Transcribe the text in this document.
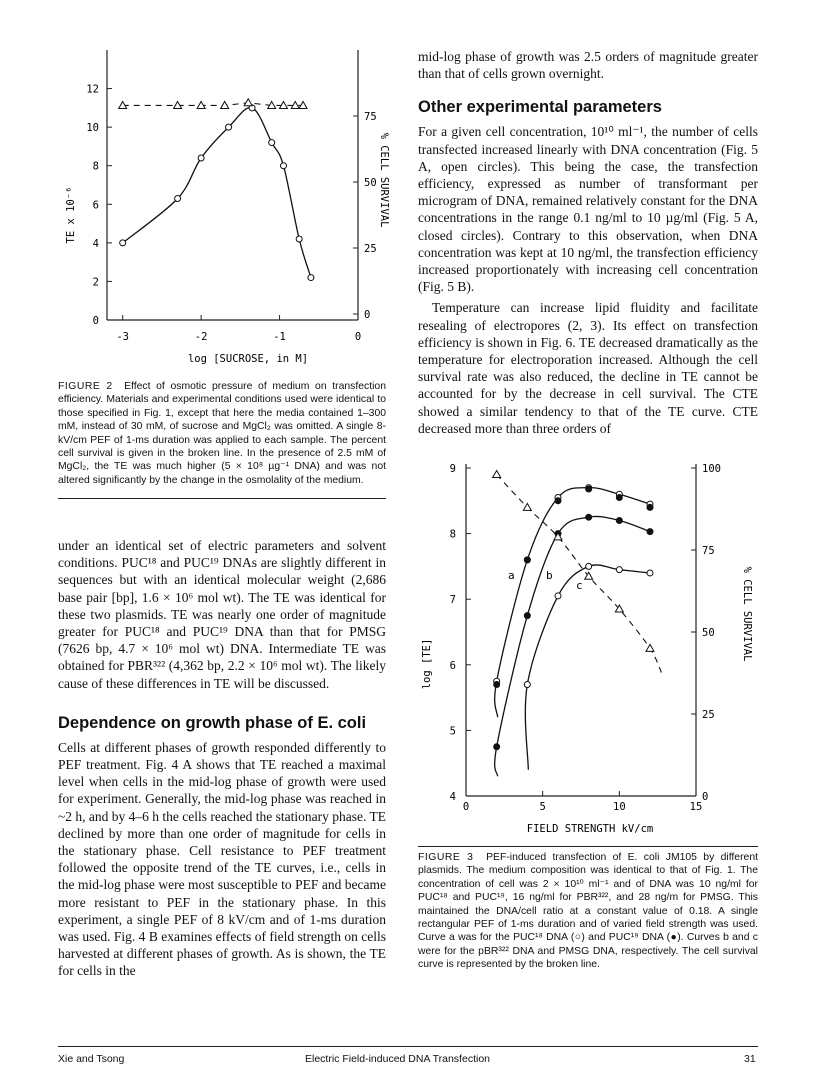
-3	-2	-1	0
0
2
4
6
8
10
12
0
25
50
75
TE x 10⁻⁶	% CELL SURVIVAL
log [SUCROSE, in M]

FIGURE 2 Effect of osmotic pressure of medium on transfection efficiency. Materials and experimental conditions used were identical to those specified in Fig. 1, except that here the media contained 1–300 mM, instead of 30 mM, of sucrose and MgCl₂ was omitted. A single 8-kV/cm PEF of 1-ms duration was applied to each sample. The percent cell survival is given in the broken line. In the presence of 2.5 mM of MgCl₂, the TE was much higher (5 × 10⁸ µg⁻¹ DNA) and was not altered significantly by the change in the osmolality of the medium.

under an identical set of electric parameters and solvent conditions. PUC¹⁸ and PUC¹⁹ DNAs are slightly different in sequences but with an identical molecular weight (2,686 base pair [bp], 1.6 × 10⁶ mol wt). The TE was identical for these two plasmids. TE was nearly one order of magnitude greater for PUC¹⁸ and PUC¹⁹ DNA than that for PMSG (7626 bp, 4.7 × 10⁶ mol wt) DNA. Intermediate TE was obtained for PBR³²² (4,362 bp, 2.2 × 10⁶ mol wt). The likely cause of these differences in TE will be discussed.

Dependence on growth phase of E. coli

Cells at different phases of growth responded differently to PEF treatment. Fig. 4 A shows that TE reached a maximal level when cells in the mid-log phase of growth were used for experiment. Generally, the mid-log phase was reached in ~2 h, and by 4–6 h the cells reached the stationary phase. TE declined by more than one order of magnitude for cells in the stationary phase. Cell resistance to PEF treatment followed the opposite trend of the TE curves, i.e., cells in the mid-log phase were most susceptible to PEF and became more resistant to PEF in the stationary phase. In this experiment, a single PEF of 8 kV/cm and of 1-ms duration was used. Fig. 4 B examines effects of field strength on cells harvested at different phases of growth. As is shown, the TE for cells in the

mid-log phase of growth was 2.5 orders of magnitude greater than that of cells grown overnight.

Other experimental parameters

For a given cell concentration, 10¹⁰ ml⁻¹, the number of cells transfected increased linearly with DNA concentration (Fig. 5 A, open circles). This being the case, the transfection efficiency, expressed as number of transformant per microgram of DNA, remained relatively constant for the DNA concentrations in the range 0.1 ng/ml to 10 µg/ml (Fig. 5 A, closed circles). Contrary to this observation, when DNA concentration was kept at 10 ng/ml, the transfection efficiency increased proportionately with increasing cell concentration (Fig. 5 B).

Temperature can increase lipid fluidity and facilitate resealing of electropores (2, 3). Its effect on transfection efficiency is shown in Fig. 6. TE decreased dramatically as the temperature for electroporation increased. Although the cell survival rate was also reduced, the decline in TE cannot be accounted for by the decrease in cell survival. The CTE showed a similar tendency to that of the TE curve. CTE decreased more than three orders of

0	5	10	15
4
5
6
7
8
9
0
25
50
75
100
a	b
c
log [TE]
% CELL SURVIVAL
FIELD STRENGTH kV/cm

FIGURE 3 PEF-induced transfection of E. coli JM105 by different plasmids. The medium composition was identical to that of Fig. 1. The concentration of cell was 2 × 10¹⁰ ml⁻¹ and of DNA was 10 ng/ml for PUC¹⁸ and PUC¹⁹, 16 ng/ml for PBR³²², and 28 ng/m for PMSG. This maintained the DNA/cell ratio at a constant value of 0.18. A single rectangular PEF of 1-ms duration and of varied field strength was used. Curve a was for the PUC¹⁸ DNA (○) and PUC¹⁹ DNA (●). Curves b and c were for the pBR³²² DNA and PMSG DNA, respectively. The cell survival curve is represented by the broken line.

Xie and Tsong	Electric Field-induced DNA Transfection	31
